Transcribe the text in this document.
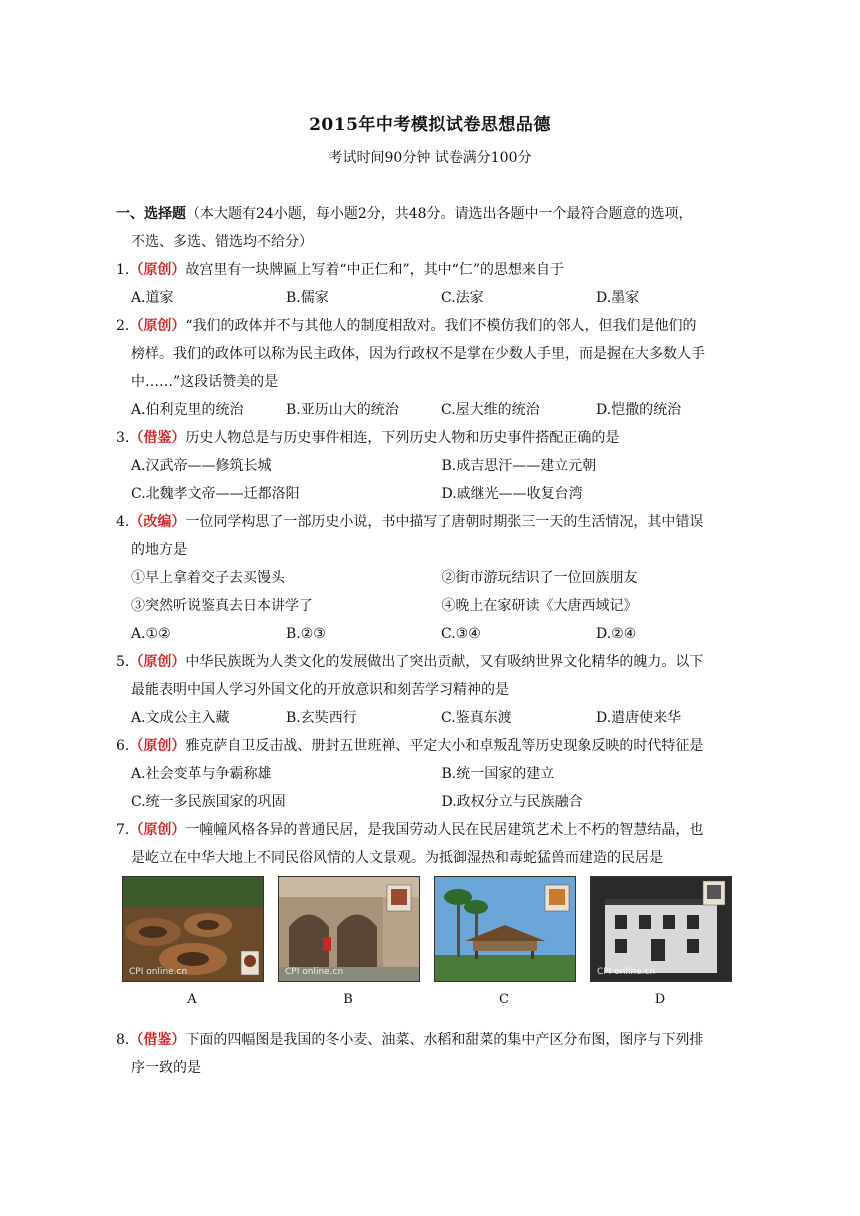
2015年中考模拟试卷思想品德
考试时间90分钟 试卷满分100分
一、选择题（本大题有24小题，每小题2分，共48分。请选出各题中一个最符合题意的选项，
不选、多选、错选均不给分）
1.（原创）故宫里有一块牌匾上写着“中正仁和”，其中“仁”的思想来自于
A.道家	B.儒家	C.法家	D.墨家
2.（原创）“我们的政体并不与其他人的制度相敌对。我们不模仿我们的邻人，但我们是他们的
榜样。我们的政体可以称为民主政体，因为行政权不是掌在少数人手里，而是握在大多数人手
中……”这段话赞美的是
A.伯利克里的统治	B.亚历山大的统治	C.屋大维的统治	D.恺撒的统治
3.（借鉴）历史人物总是与历史事件相连，下列历史人物和历史事件搭配正确的是
A.汉武帝——修筑长城	B.成吉思汗——建立元朝
C.北魏孝文帝——迁都洛阳	D.戚继光——收复台湾
4.（改编）一位同学构思了一部历史小说，书中描写了唐朝时期张三一天的生活情况，其中错误
的地方是
①早上拿着交子去买馒头	②街市游玩结识了一位回族朋友
③突然听说鉴真去日本讲学了	④晚上在家研读《大唐西域记》
A.①②	B.②③	C.③④	D.②④
5.（原创）中华民族既为人类文化的发展做出了突出贡献，又有吸纳世界文化精华的魄力。以下
最能表明中国人学习外国文化的开放意识和刻苦学习精神的是
A.文成公主入藏	B.玄奘西行	C.鉴真东渡	D.遣唐使来华
6.（原创）雅克萨自卫反击战、册封五世班禅、平定大小和卓叛乱等历史现象反映的时代特征是
A.社会变革与争霸称雄	B.统一国家的建立
C.统一多民族国家的巩固	D.政权分立与民族融合
7.（原创）一幢幢风格各异的普通民居，是我国劳动人民在民居建筑艺术上不朽的智慧结晶，也
是屹立在中华大地上不同民俗风情的人文景观。为抵御湿热和毒蛇猛兽而建造的民居是
CPI online.cn
A
CPI online.cn
B	C
CPI online.cn
D
8.（借鉴）下面的四幅图是我国的冬小麦、油菜、水稻和甜菜的集中产区分布图，图序与下列排
序一致的是
